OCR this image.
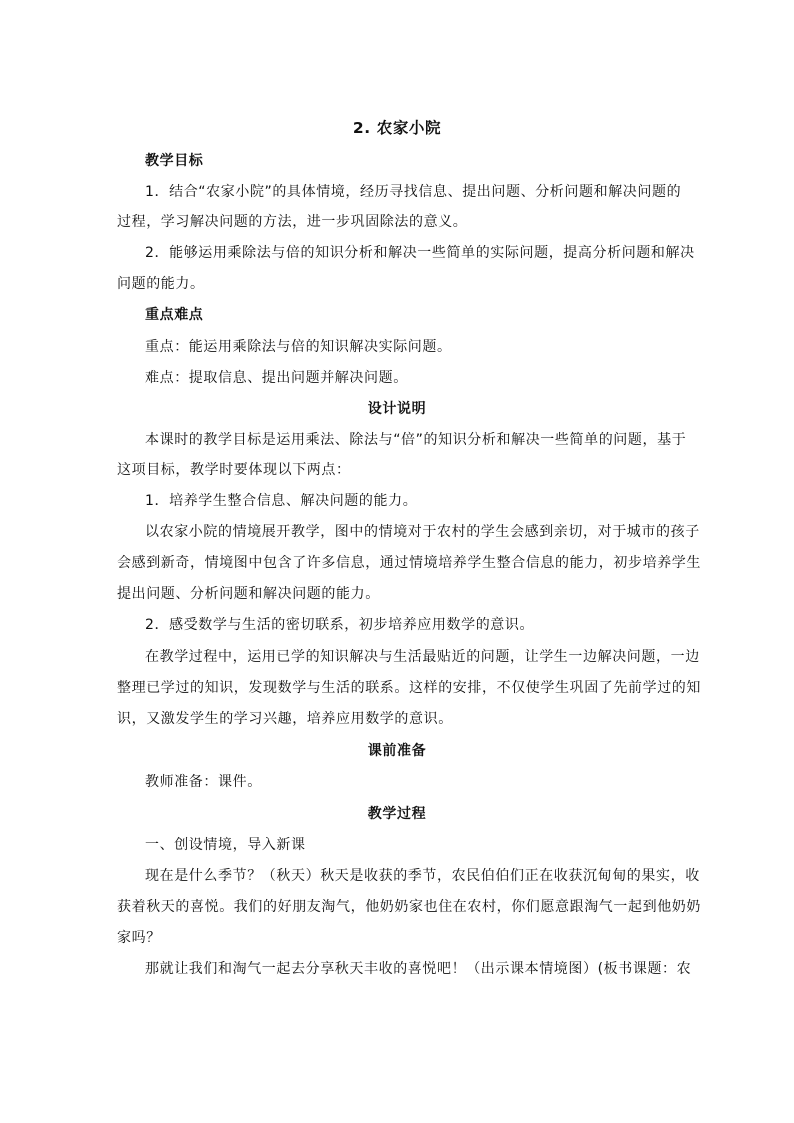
2. 农家小院
教学目标
1．结合“农家小院”的具体情境，经历寻找信息、提出问题、分析问题和解决问题的
过程，学习解决问题的方法，进一步巩固除法的意义。
2．能够运用乘除法与倍的知识分析和解决一些简单的实际问题，提高分析问题和解决
问题的能力。
重点难点
重点：能运用乘除法与倍的知识解决实际问题。
难点：提取信息、提出问题并解决问题。
设计说明
本课时的教学目标是运用乘法、除法与“倍”的知识分析和解决一些简单的问题，基于
这项目标，教学时要体现以下两点：
1．培养学生整合信息、解决问题的能力。
以农家小院的情境展开教学，图中的情境对于农村的学生会感到亲切，对于城市的孩子
会感到新奇，情境图中包含了许多信息，通过情境培养学生整合信息的能力，初步培养学生
提出问题、分析问题和解决问题的能力。
2．感受数学与生活的密切联系，初步培养应用数学的意识。
在教学过程中，运用已学的知识解决与生活最贴近的问题，让学生一边解决问题，一边
整理已学过的知识，发现数学与生活的联系。这样的安排，不仅使学生巩固了先前学过的知
识，又激发学生的学习兴趣，培养应用数学的意识。
课前准备
教师准备：课件。
教学过程
一、创设情境，导入新课
现在是什么季节？（秋天）秋天是收获的季节，农民伯伯们正在收获沉甸甸的果实，收
获着秋天的喜悦。我们的好朋友淘气，他奶奶家也住在农村，你们愿意跟淘气一起到他奶奶
家吗？
那就让我们和淘气一起去分享秋天丰收的喜悦吧！（出示课本情境图）(板书课题：农
